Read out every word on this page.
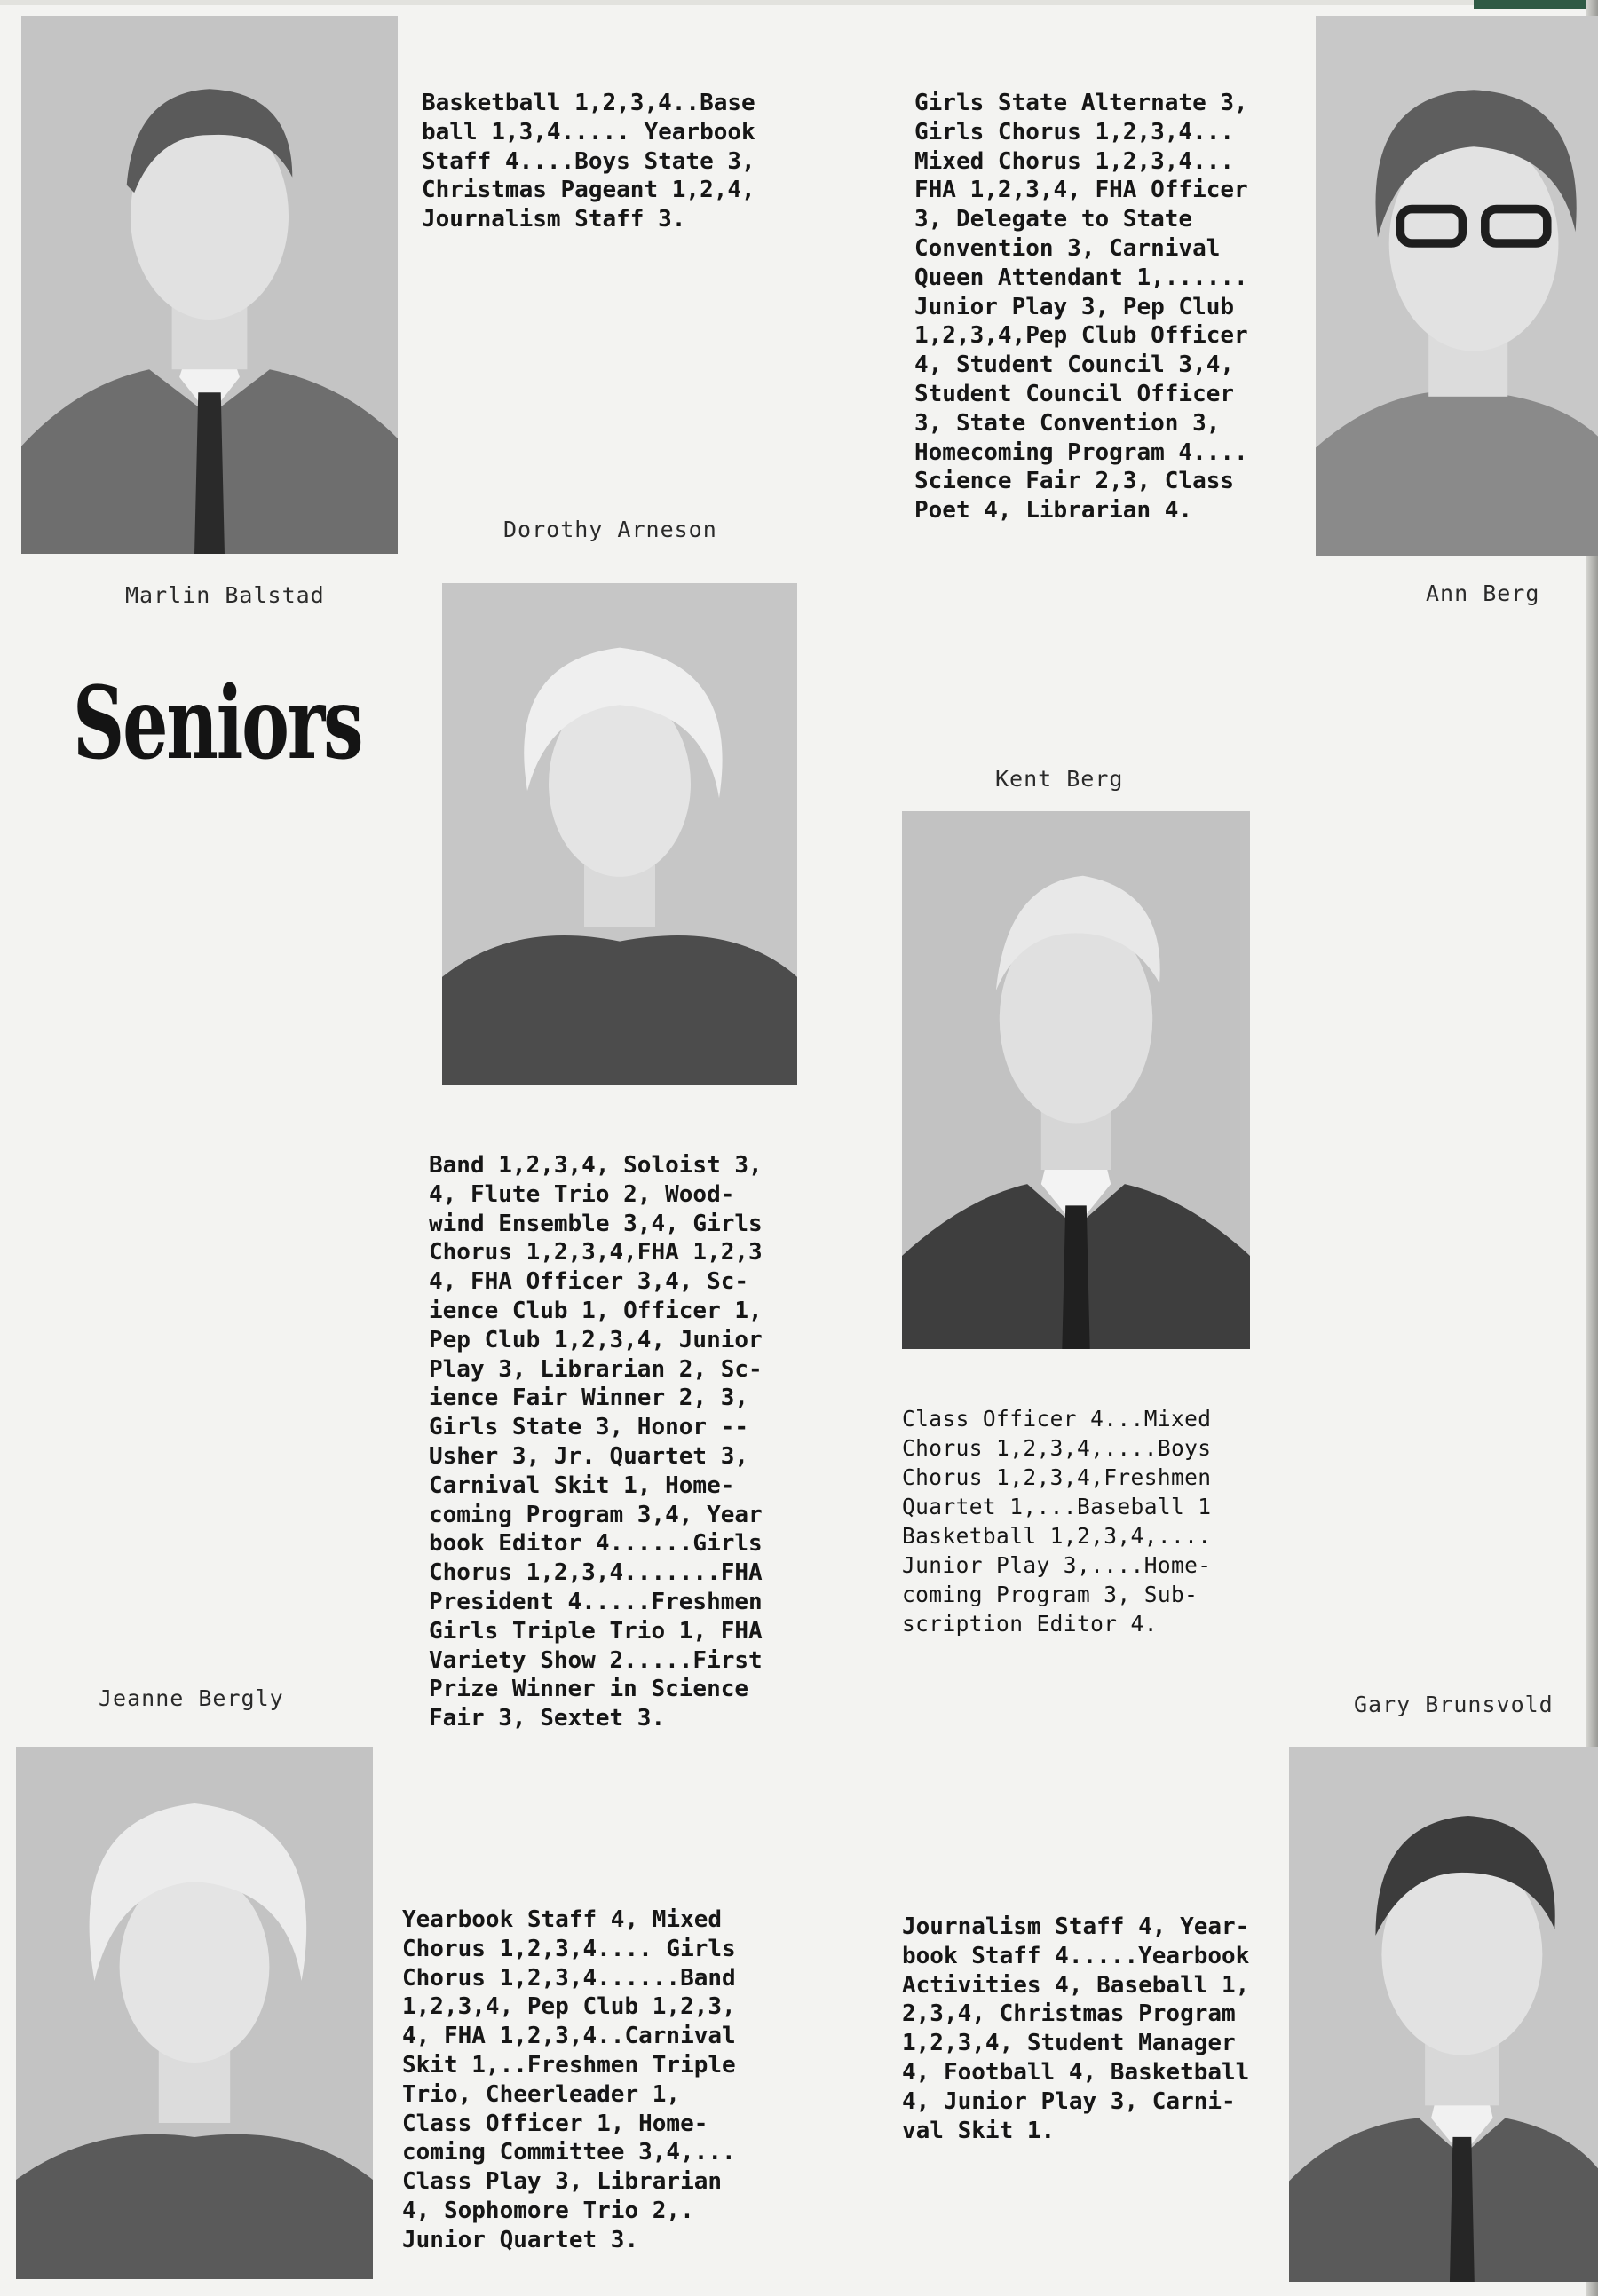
Seniors
Marlin Balstad
Basketball 1,2,3,4..Base
ball 1,3,4..... Yearbook
Staff 4....Boys State 3,
Christmas Pageant 1,2,4,
Journalism Staff 3.
Dorothy Arneson
Band 1,2,3,4, Soloist 3,
4, Flute Trio 2, Wood-
wind Ensemble 3,4, Girls
Chorus 1,2,3,4,FHA 1,2,3
4, FHA Officer 3,4, Sc-
ience Club 1, Officer 1,
Pep Club 1,2,3,4, Junior
Play 3, Librarian 2, Sc-
ience Fair Winner 2, 3,
Girls State 3, Honor --
Usher 3, Jr. Quartet 3,
Carnival Skit 1, Home-
coming Program 3,4, Year
book Editor 4......Girls
Chorus 1,2,3,4.......FHA
President 4.....Freshmen
Girls Triple Trio 1, FHA
Variety Show 2.....First
Prize Winner in Science
Fair 3, Sextet 3.
Girls State Alternate 3,
Girls Chorus 1,2,3,4...
Mixed Chorus 1,2,3,4...
FHA 1,2,3,4, FHA Officer
3, Delegate to State
Convention 3, Carnival
Queen Attendant 1,......
Junior Play 3, Pep Club
1,2,3,4,Pep Club Officer
4, Student Council 3,4,
Student Council Officer
3, State Convention 3,
Homecoming Program 4....
Science Fair 2,3, Class
Poet 4, Librarian 4.
Ann Berg
Kent Berg
Class Officer 4...Mixed
Chorus 1,2,3,4,....Boys
Chorus 1,2,3,4,Freshmen
Quartet 1,...Baseball 1
Basketball 1,2,3,4,....
Junior Play 3,....Home-
coming Program 3, Sub-
scription Editor 4.
Jeanne Bergly
Yearbook Staff 4, Mixed
Chorus 1,2,3,4.... Girls
Chorus 1,2,3,4......Band
1,2,3,4, Pep Club 1,2,3,
4, FHA 1,2,3,4..Carnival
Skit 1,..Freshmen Triple
Trio, Cheerleader 1,
Class Officer 1, Home-
coming Committee 3,4,...
Class Play 3, Librarian
4, Sophomore Trio 2,.
Junior Quartet 3.
Gary Brunsvold
Journalism Staff 4, Year-
book Staff 4.....Yearbook
Activities 4, Baseball 1,
2,3,4, Christmas Program
1,2,3,4, Student Manager
4, Football 4, Basketball
4, Junior Play 3, Carni-
val Skit 1.
